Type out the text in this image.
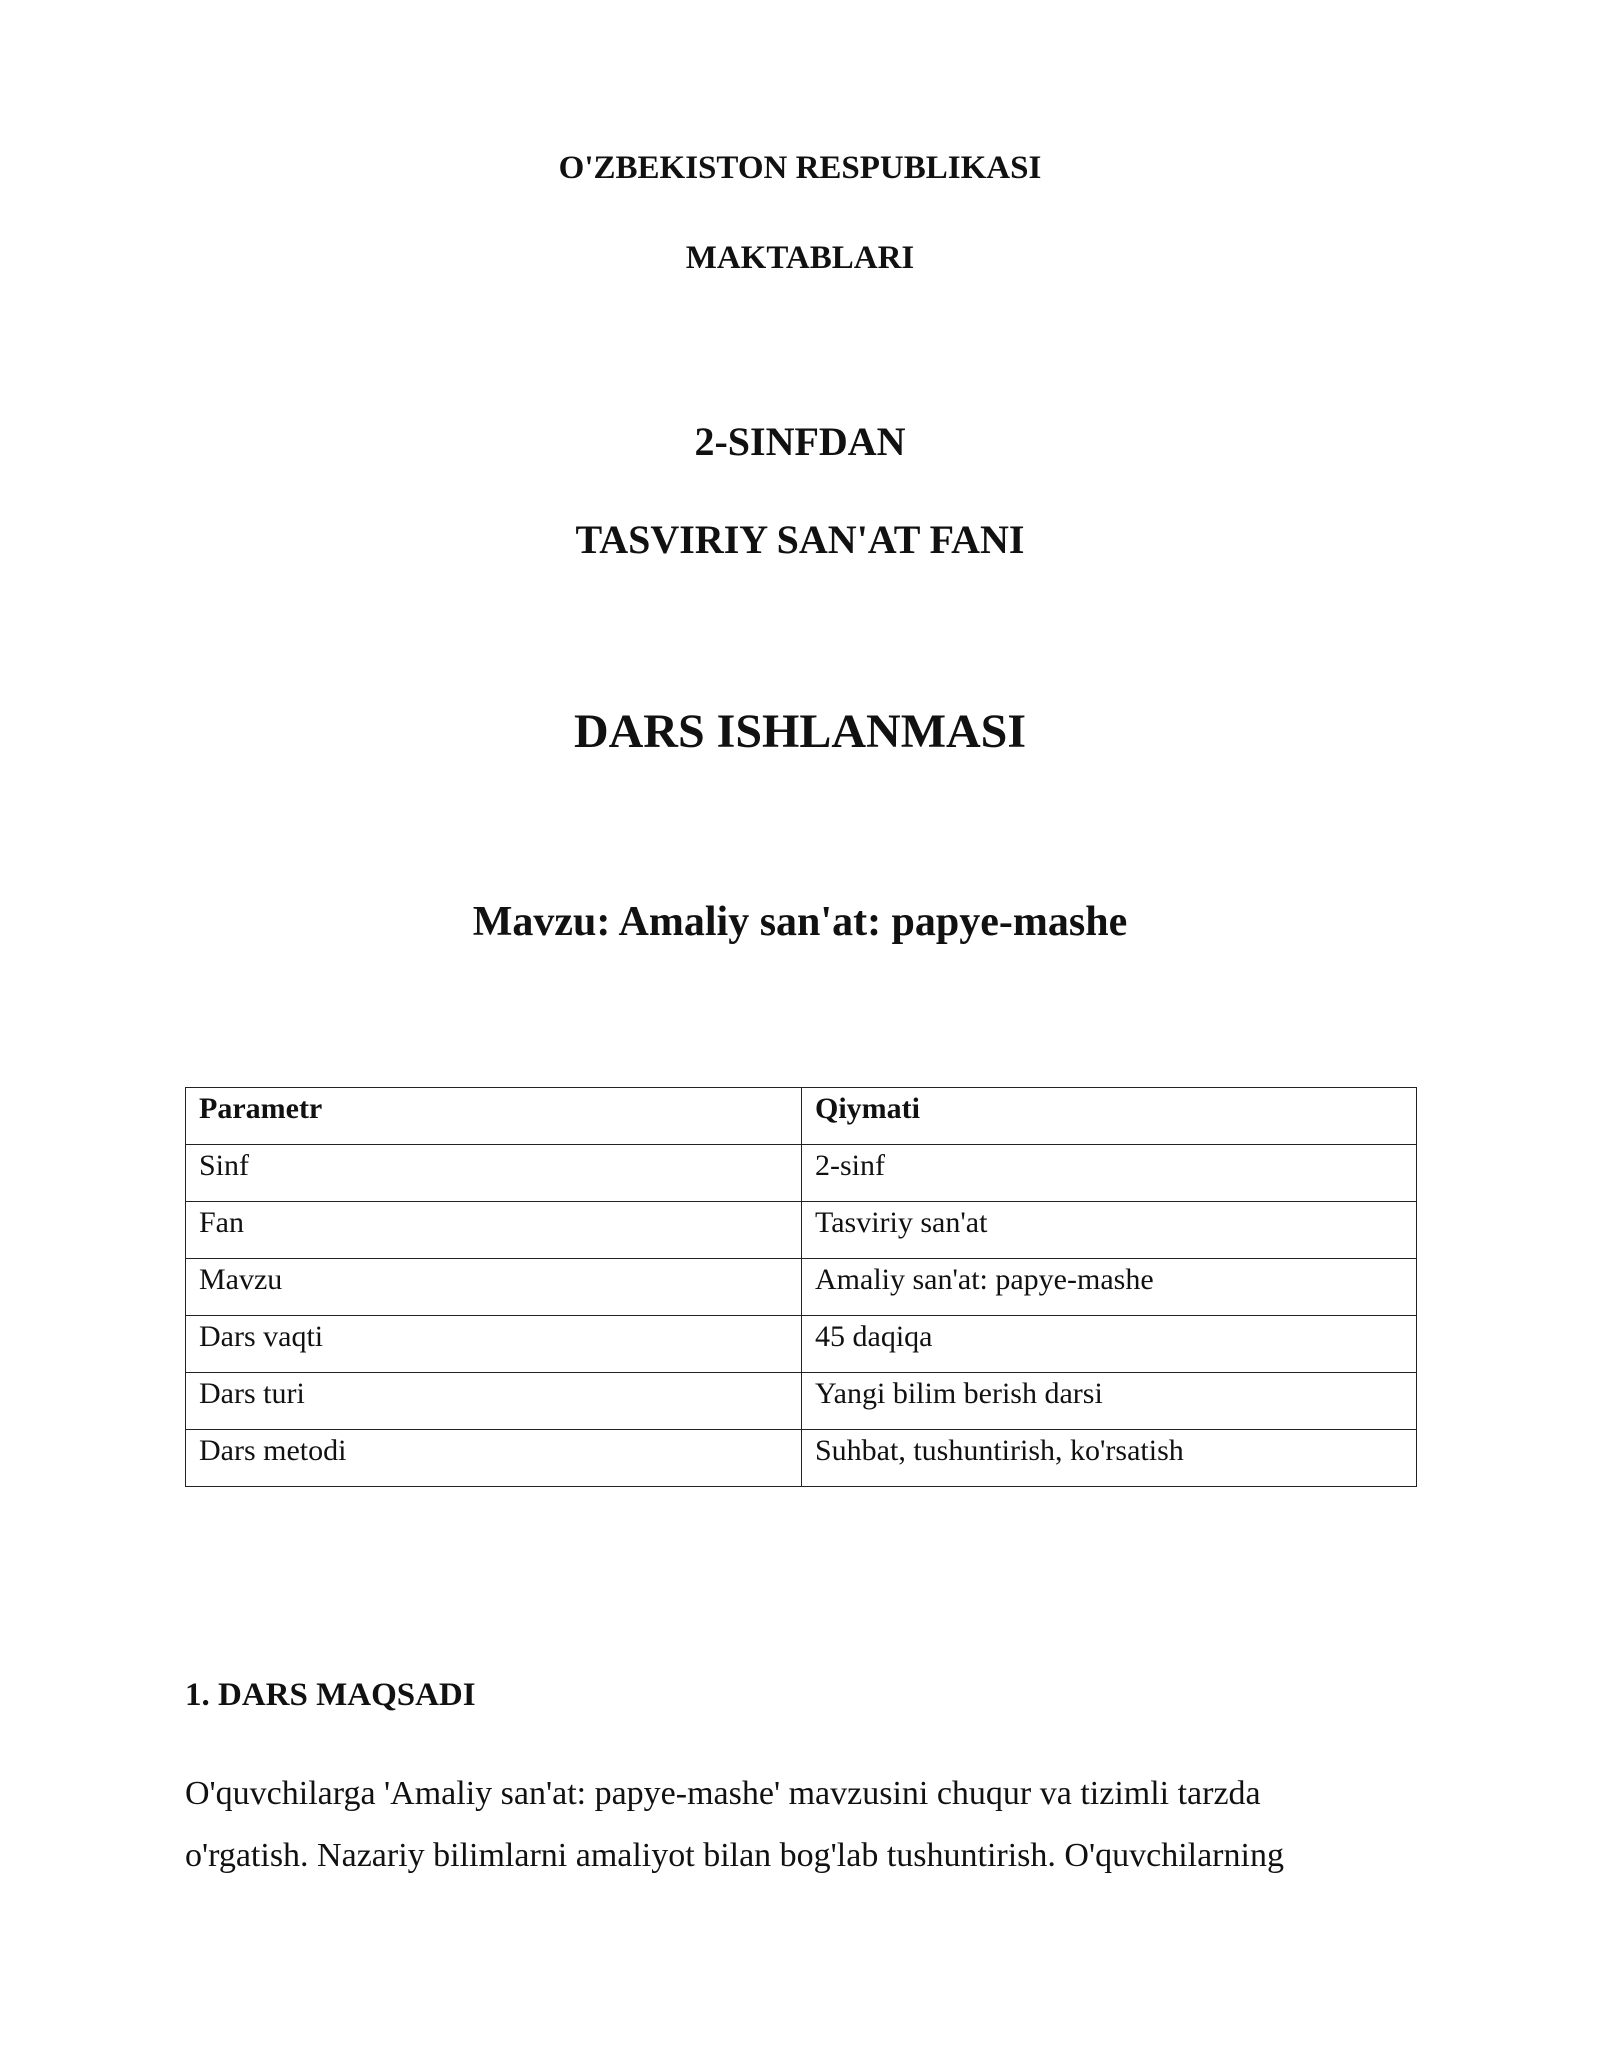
O'ZBEKISTON RESPUBLIKASI
MAKTABLARI
2-SINFDAN
TASVIRIY SAN'AT FANI
DARS ISHLANMASI
Mavzu: Amaliy san'at: papye-mashe
Parametr	Qiymati
Sinf	2-sinf
Fan	Tasviriy san'at
Mavzu	Amaliy san'at: papye-mashe
Dars vaqti	45 daqiqa
Dars turi	Yangi bilim berish darsi
Dars metodi	Suhbat, tushuntirish, ko'rsatish
1. DARS MAQSADI
O'quvchilarga 'Amaliy san'at: papye-mashe' mavzusini chuqur va tizimli tarzda
o'rgatish. Nazariy bilimlarni amaliyot bilan bog'lab tushuntirish. O'quvchilarning
